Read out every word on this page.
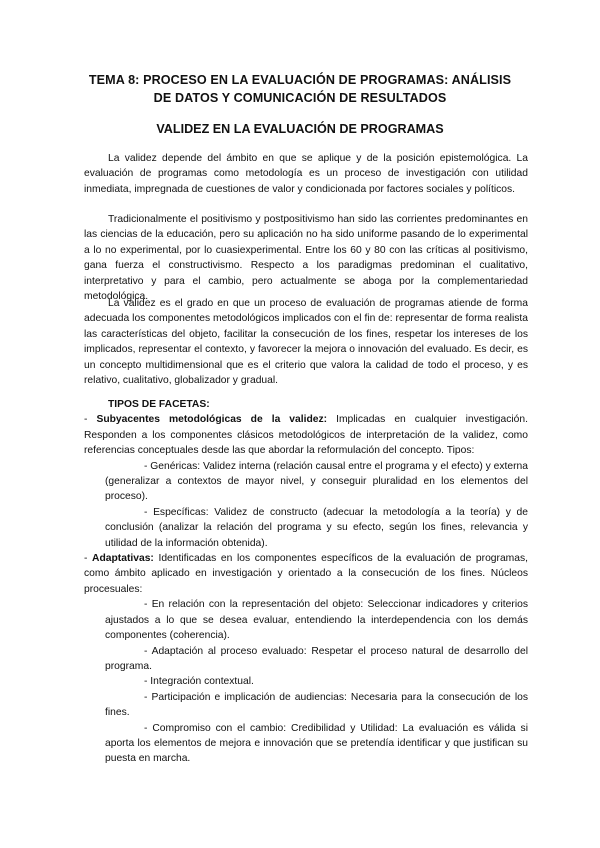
TEMA 8: PROCESO EN LA EVALUACIÓN DE PROGRAMAS: ANÁLISIS
DE DATOS Y COMUNICACIÓN DE RESULTADOS
VALIDEZ EN LA EVALUACIÓN DE PROGRAMAS

La validez depende del ámbito en que se aplique y de la posición epistemológica. La evaluación de programas como metodología es un proceso de investigación con utilidad inmediata, impregnada de cuestiones de valor y condicionada por factores sociales y políticos.

Tradicionalmente el positivismo y postpositivismo han sido las corrientes predominantes en las ciencias de la educación, pero su aplicación no ha sido uniforme pasando de lo experimental a lo no experimental, por lo cuasiexperimental. Entre los 60 y 80 con las críticas al positivismo, gana fuerza el constructivismo. Respecto a los paradigmas predominan el cualitativo, interpretativo y para el cambio, pero actualmente se aboga por la complementariedad metodológica.

La validez es el grado en que un proceso de evaluación de programas atiende de forma adecuada los componentes metodológicos implicados con el fin de: representar de forma realista las características del objeto, facilitar la consecución de los fines, respetar los intereses de los implicados, representar el contexto, y favorecer la mejora o innovación del evaluado. Es decir, es un concepto multidimensional que es el criterio que valora la calidad de todo el proceso, y es relativo, cualitativo, globalizador y gradual.

TIPOS DE FACETAS:
- Subyacentes metodológicas de la validez: Implicadas en cualquier investigación. Responden a los componentes clásicos metodológicos de interpretación de la validez, como referencias conceptuales desde las que abordar la reformulación del concepto. Tipos:
- Genéricas: Validez interna (relación causal entre el programa y el efecto) y externa (generalizar a contextos de mayor nivel, y conseguir pluralidad en los elementos del proceso).
- Específicas: Validez de constructo (adecuar la metodología a la teoría) y de conclusión (analizar la relación del programa y su efecto, según los fines, relevancia y utilidad de la información obtenida).
- Adaptativas: Identificadas en los componentes específicos de la evaluación de programas, como ámbito aplicado en investigación y orientado a la consecución de los fines. Núcleos procesuales:
- En relación con la representación del objeto: Seleccionar indicadores y criterios ajustados a lo que se desea evaluar, entendiendo la interdependencia con los demás componentes (coherencia).
- Adaptación al proceso evaluado: Respetar el proceso natural de desarrollo del programa.
- Integración contextual.
- Participación e implicación de audiencias: Necesaria para la consecución de los fines.
- Compromiso con el cambio: Credibilidad y Utilidad: La evaluación es válida si aporta los elementos de mejora e innovación que se pretendía identificar y que justifican su puesta en marcha.
